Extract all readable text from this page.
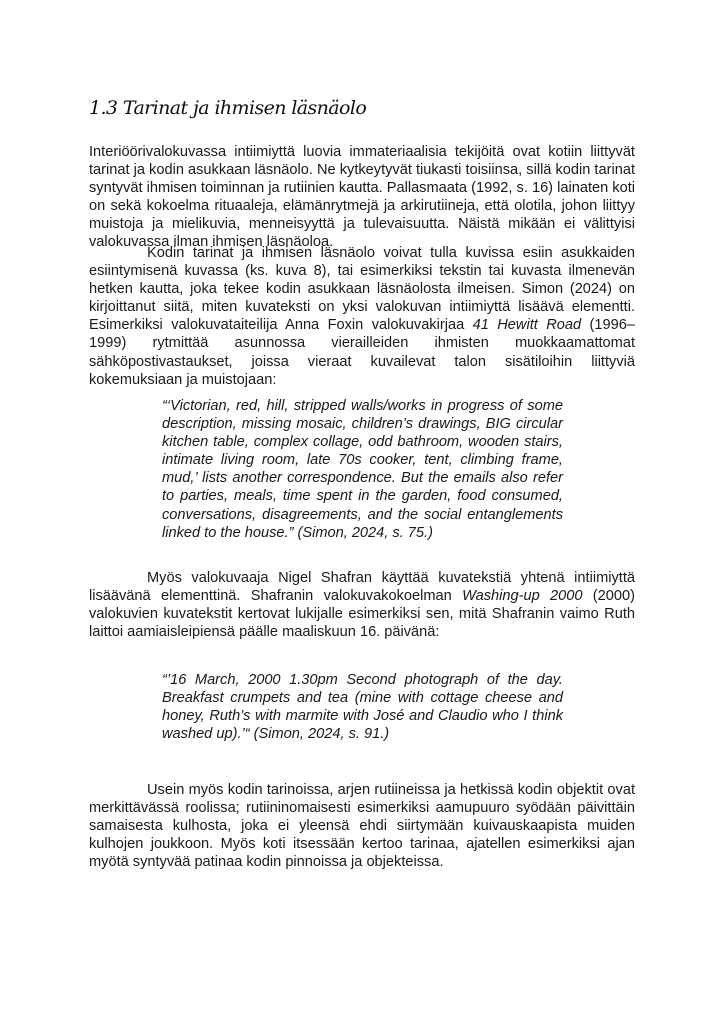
1.3 Tarinat ja ihmisen läsnäolo

Interiöörivalokuvassa intiimiyttä luovia immateriaalisia tekijöitä ovat kotiin liittyvät tarinat ja kodin asukkaan läsnäolo. Ne kytkeytyvät tiukasti toisiinsa, sillä kodin tarinat syntyvät ihmisen toiminnan ja rutiinien kautta. Pallasmaata (1992, s. 16) lainaten koti on sekä kokoelma rituaaleja, elämänrytmejä ja arkirutiineja, että olotila, johon liittyy muistoja ja mielikuvia, menneisyyttä ja tulevaisuutta. Näistä mikään ei välittyisi valokuvassa ilman ihmisen läsnäoloa.

Kodin tarinat ja ihmisen läsnäolo voivat tulla kuvissa esiin asukkaiden esiintymisenä kuvassa (ks. kuva 8), tai esimerkiksi tekstin tai kuvasta ilmenevän hetken kautta, joka tekee kodin asukkaan läsnäolosta ilmeisen. Simon (2024) on kirjoittanut siitä, miten kuvateksti on yksi valokuvan intiimiyttä lisäävä elementti. Esimerkiksi valokuvataiteilija Anna Foxin valokuvakirjaa 41 Hewitt Road (1996–1999) rytmittää asunnossa vierailleiden ihmisten muokkaamattomat sähköpostivastaukset, joissa vieraat kuvailevat talon sisätiloihin liittyviä kokemuksiaan ja muistojaan:

“‘Victorian, red, hill, stripped walls/works in progress of some description, missing mosaic, children’s drawings, BIG circular kitchen table, complex collage, odd bathroom, wooden stairs, intimate living room, late 70s cooker, tent, climbing frame, mud,’ lists another correspondence. But the emails also refer to parties, meals, time spent in the garden, food consumed, conversations, disagreements, and the social entanglements linked to the house.” (Simon, 2024, s. 75.)

Myös valokuvaaja Nigel Shafran käyttää kuvatekstiä yhtenä intiimiyttä lisäävänä elementtinä. Shafranin valokuvakokoelman Washing-up 2000 (2000) valokuvien kuvatekstit kertovat lukijalle esimerkiksi sen, mitä Shafranin vaimo Ruth laittoi aamiaisleipiensä päälle maaliskuun 16. päivänä:

“’16 March, 2000 1.30pm Second photograph of the day. Breakfast crumpets and tea (mine with cottage cheese and honey, Ruth’s with marmite with José and Claudio who I think washed up).’“ (Simon, 2024, s. 91.)

Usein myös kodin tarinoissa, arjen rutiineissa ja hetkissä kodin objektit ovat merkittävässä roolissa; rutiininomaisesti esimerkiksi aamupuuro syödään päivittäin samaisesta kulhosta, joka ei yleensä ehdi siirtymään kuivauskaapista muiden kulhojen joukkoon. Myös koti itsessään kertoo tarinaa, ajatellen esimerkiksi ajan myötä syntyvää patinaa kodin pinnoissa ja objekteissa.
